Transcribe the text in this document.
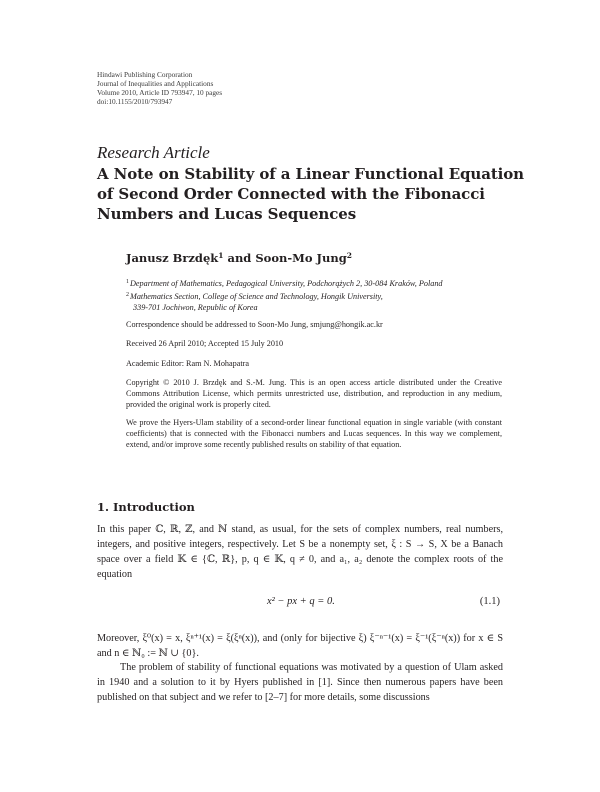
Hindawi Publishing Corporation
Journal of Inequalities and Applications
Volume 2010, Article ID 793947, 10 pages
doi:10.1155/2010/793947
Research Article
A Note on Stability of a Linear Functional Equation of Second Order Connected with the Fibonacci Numbers and Lucas Sequences
Janusz Brzdęk$^1$ and Soon-Mo Jung$^2$
$^1$Department of Mathematics, Pedagogical University, Podchorążych 2, 30-084 Kraków, Poland
$^2$Mathematics Section, College of Science and Technology, Hongik University,
339-701 Jochiwon, Republic of Korea
Correspondence should be addressed to Soon-Mo Jung, smjung@hongik.ac.kr
Received 26 April 2010; Accepted 15 July 2010
Academic Editor: Ram N. Mohapatra
Copyright © 2010 J. Brzdęk and S.-M. Jung. This is an open access article distributed under the Creative Commons Attribution License, which permits unrestricted use, distribution, and reproduction in any medium, provided the original work is properly cited.
We prove the Hyers-Ulam stability of a second-order linear functional equation in single variable (with constant coefficients) that is connected with the Fibonacci numbers and Lucas sequences. In this way we complement, extend, and/or improve some recently published results on stability of that equation.
1. Introduction
In this paper ℂ, ℝ, ℤ, and ℕ stand, as usual, for the sets of complex numbers, real numbers, integers, and positive integers, respectively. Let S be a nonempty set, ξ : S → S, X be a Banach space over a field 𝕂 ∈ {ℂ, ℝ}, p, q ∈ 𝕂, q ≠ 0, and a₁, a₂ denote the complex roots of the equation
x² − px + q = 0.	(1.1)
Moreover, ξ⁰(x) = x, ξⁿ⁺¹(x) = ξ(ξⁿ(x)), and (only for bijective ξ) ξ⁻ⁿ⁻¹(x) = ξ⁻¹(ξ⁻ⁿ(x)) for x ∈ S and n ∈ ℕ₀ := ℕ ∪ {0}.
The problem of stability of functional equations was motivated by a question of Ulam asked in 1940 and a solution to it by Hyers published in [1]. Since then numerous papers have been published on that subject and we refer to [2–7] for more details, some discussions
